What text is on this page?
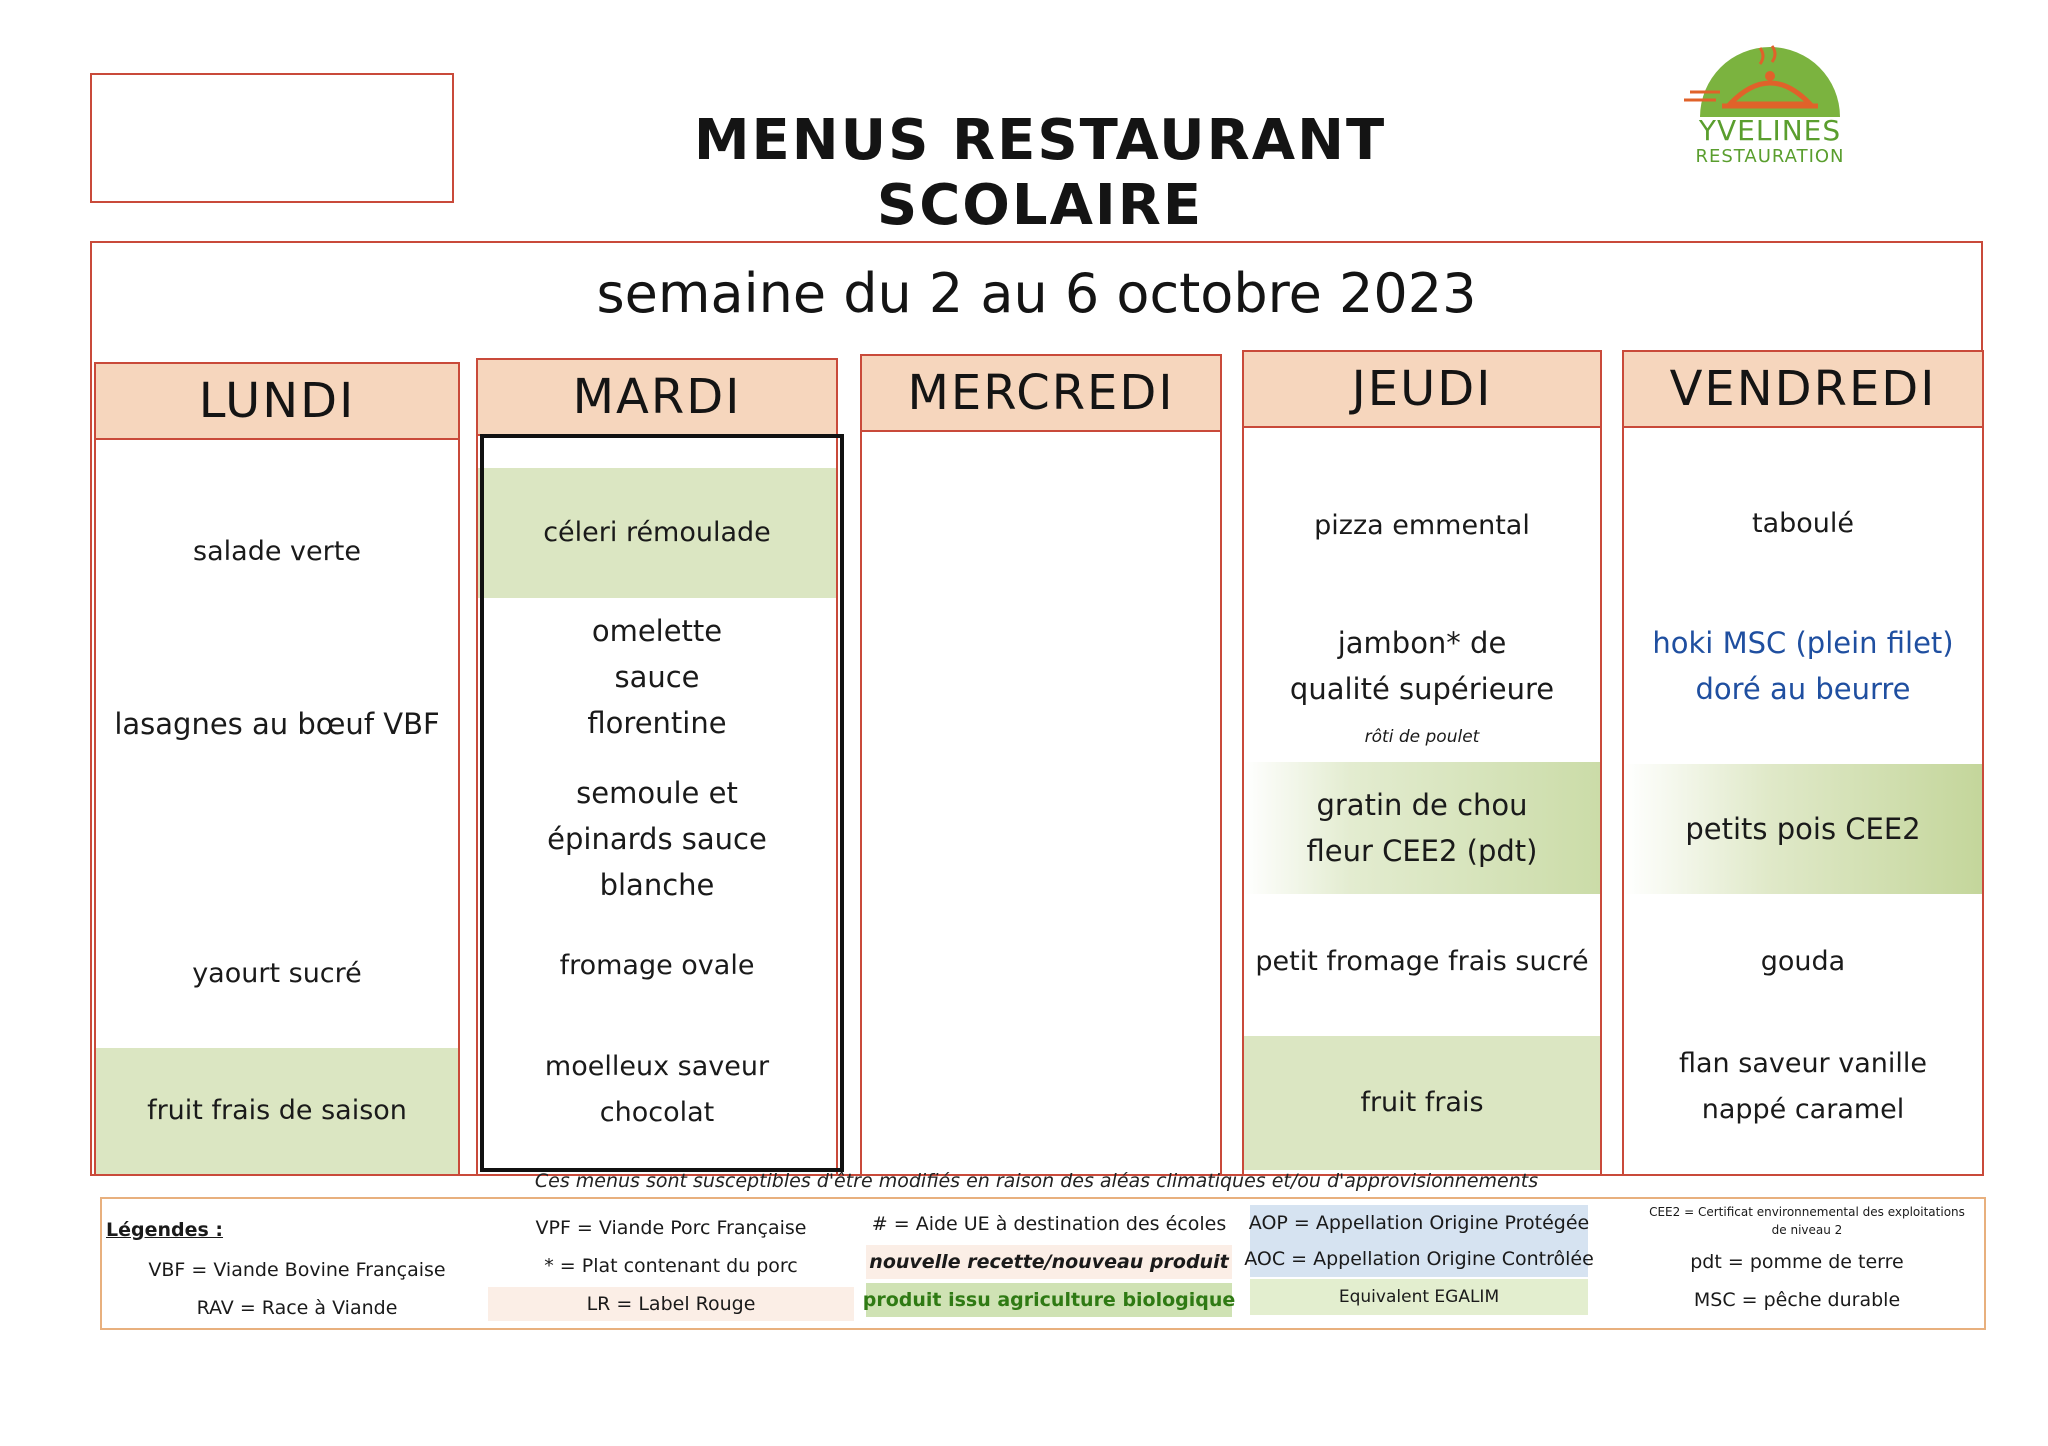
MENUS RESTAURANT SCOLAIRE
YVELINES
RESTAURATION
semaine du 2 au 6 octobre 2023
LUNDI
salade verte
lasagnes au bœuf VBF
yaourt sucré
fruit frais de saison
MARDI
céleri rémoulade
omelette sauce florentine
semoule et épinards sauce blanche
fromage ovale
moelleux saveur chocolat
MERCREDI	JEUDI
pizza emmental
jambon* de qualité supérieure
rôti de poulet
gratin de chou fleur CEE2 (pdt)
petit fromage frais sucré
fruit frais
VENDREDI
taboulé
hoki MSC (plein filet) doré au beurre
petits pois CEE2
gouda
flan saveur vanille nappé caramel
Ces menus sont susceptibles d'être modifiés en raison des aléas climatiques et/ou d'approvisionnements
Légendes :
VBF = Viande Bovine Française
RAV = Race à Viande
VPF = Viande Porc Française
* = Plat contenant du porc
LR = Label Rouge
# = Aide UE à destination des écoles
nouvelle recette/nouveau produit
produit issu agriculture biologique
AOP = Appellation Origine Protégée
AOC = Appellation Origine Contrôlée
Equivalent EGALIM
CEE2 = Certificat environnemental des exploitations de niveau 2
pdt = pomme de terre
MSC = pêche durable
